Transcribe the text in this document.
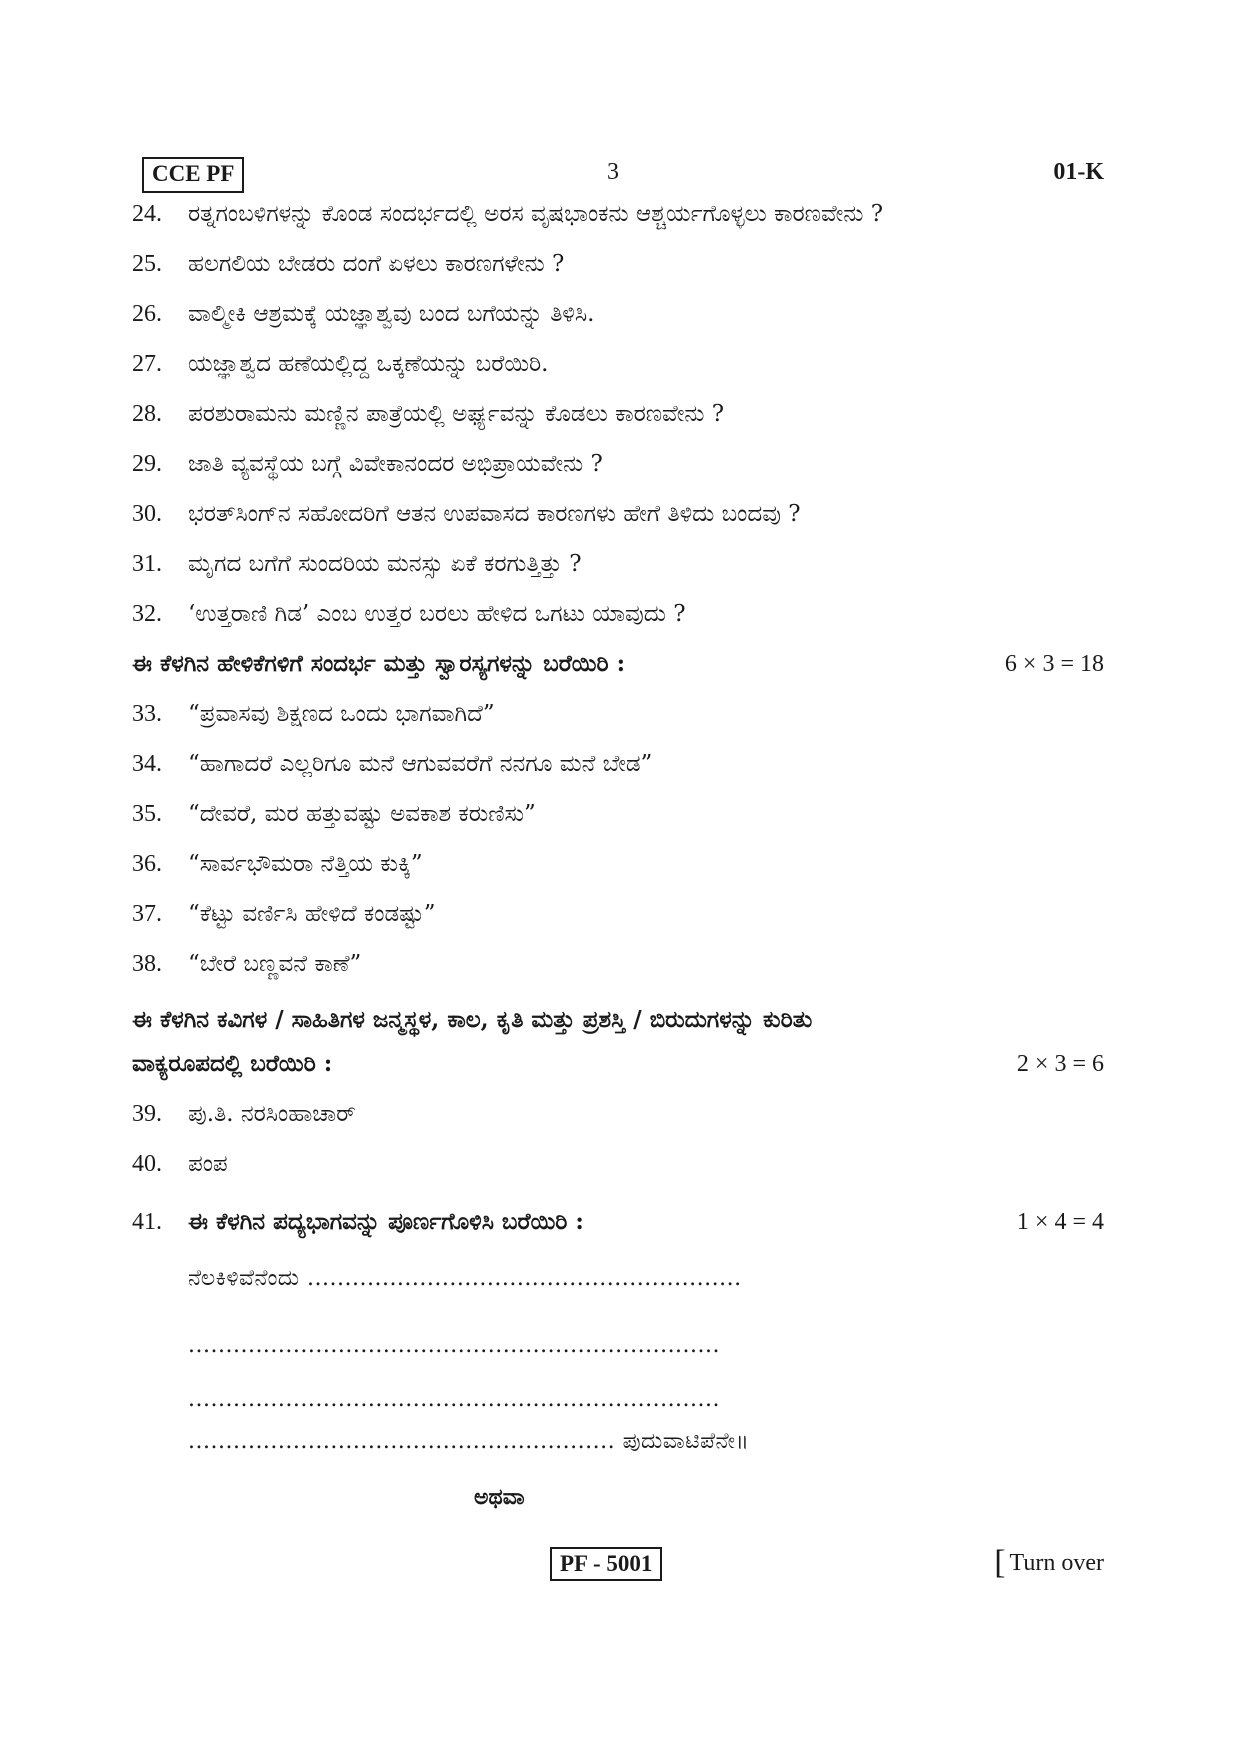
CCE PF	3	01-K
24.	ರತ್ನಗಂಬಳಿಗಳನ್ನು ಕೊಂಡ ಸಂದರ್ಭದಲ್ಲಿ ಅರಸ ವೃಷಭಾಂಕನು ಆಶ್ಚರ್ಯಗೊಳ್ಳಲು ಕಾರಣವೇನು ?
25.	ಹಲಗಲಿಯ ಬೇಡರು ದಂಗೆ ಏಳಲು ಕಾರಣಗಳೇನು ?
26.	ವಾಲ್ಮೀಕಿ ಆಶ್ರಮಕ್ಕೆ ಯಜ್ಞಾಶ್ವವು ಬಂದ ಬಗೆಯನ್ನು ತಿಳಿಸಿ.
27.	ಯಜ್ಞಾಶ್ವದ ಹಣೆಯಲ್ಲಿದ್ದ ಒಕ್ಕಣೆಯನ್ನು ಬರೆಯಿರಿ.
28.	ಪರಶುರಾಮನು ಮಣ್ಣಿನ ಪಾತ್ರೆಯಲ್ಲಿ ಅರ್ಘ್ಯವನ್ನು ಕೊಡಲು ಕಾರಣವೇನು ?
29.	ಜಾತಿ ವ್ಯವಸ್ಥೆಯ ಬಗ್ಗೆ ವಿವೇಕಾನಂದರ ಅಭಿಪ್ರಾಯವೇನು ?
30.	ಭರತ್‌ಸಿಂಗ್‌ನ ಸಹೋದರಿಗೆ ಆತನ ಉಪವಾಸದ ಕಾರಣಗಳು ಹೇಗೆ ತಿಳಿದು ಬಂದವು ?
31.	ಮೃಗದ ಬಗೆಗೆ ಸುಂದರಿಯ ಮನಸ್ಸು ಏಕೆ ಕರಗುತ್ತಿತ್ತು ?
32.	‘ಉತ್ತರಾಣಿ ಗಿಡ’ ಎಂಬ ಉತ್ತರ ಬರಲು ಹೇಳಿದ ಒಗಟು ಯಾವುದು ?
ಈ ಕೆಳಗಿನ ಹೇಳಿಕೆಗಳಿಗೆ ಸಂದರ್ಭ ಮತ್ತು ಸ್ವಾರಸ್ಯಗಳನ್ನು ಬರೆಯಿರಿ :	6 × 3 = 18
33.	“ಪ್ರವಾಸವು ಶಿಕ್ಷಣದ ಒಂದು ಭಾಗವಾಗಿದೆ”
34.	“ಹಾಗಾದರೆ ಎಲ್ಲರಿಗೂ ಮನೆ ಆಗುವವರೆಗೆ ನನಗೂ ಮನೆ ಬೇಡ”
35.	“ದೇವರೆ, ಮರ ಹತ್ತುವಷ್ಟು ಅವಕಾಶ ಕರುಣಿಸು”
36.	“ಸಾರ್ವಭೌಮರಾ ನೆತ್ತಿಯ ಕುಕ್ಕಿ”
37.	“ಕೆಟ್ಟು ವರ್ಣಿಸಿ ಹೇಳಿದೆ ಕಂಡಷ್ಟು”
38.	“ಬೇರೆ ಬಣ್ಣವನೆ ಕಾಣೆ”
ಈ ಕೆಳಗಿನ ಕವಿಗಳ / ಸಾಹಿತಿಗಳ ಜನ್ಮಸ್ಥಳ, ಕಾಲ, ಕೃತಿ ಮತ್ತು ಪ್ರಶಸ್ತಿ / ಬಿರುದುಗಳನ್ನು ಕುರಿತು
ವಾಕ್ಯರೂಪದಲ್ಲಿ ಬರೆಯಿರಿ :	2 × 3 = 6
39.	ಪು.ತಿ. ನರಸಿಂಹಾಚಾರ್
40.	ಪಂಪ
41. ಈ ಕೆಳಗಿನ ಪದ್ಯಭಾಗವನ್ನು ಪೂರ್ಣಗೊಳಿಸಿ ಬರೆಯಿರಿ :	1 × 4 = 4
ನೆಲಕಿಳಿವೆನೆಂದು ..........................................................
.......................................................................
.......................................................................
......................................................... ಪುದುವಾಟಿಪೆನೇ॥
ಅಥವಾ
PF - 5001	[ Turn over
